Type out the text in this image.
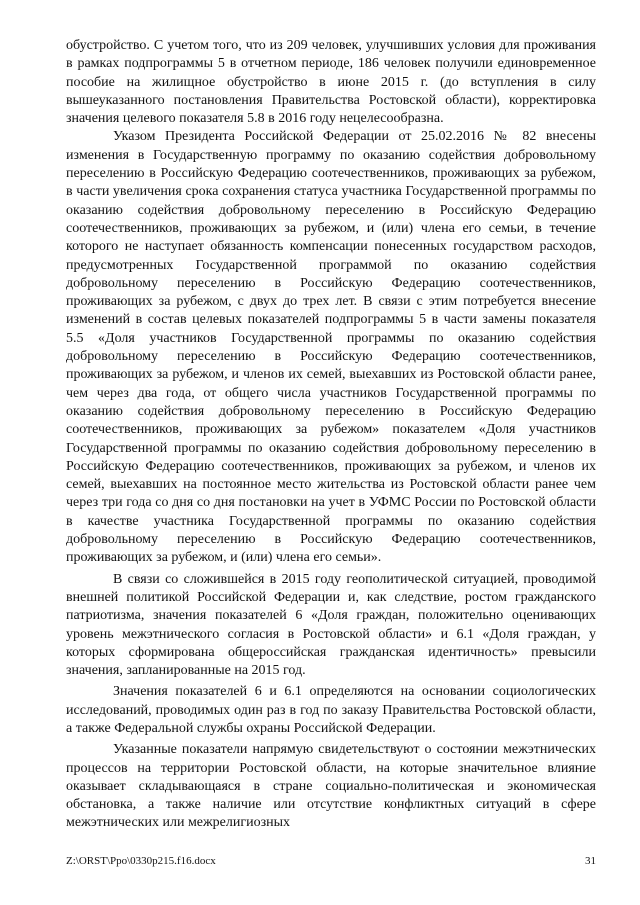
обустройство. С учетом того, что из 209 человек, улучшивших условия для проживания в рамках подпрограммы 5 в отчетном периоде, 186 человек получили единовременное пособие на жилищное обустройство в июне 2015 г. (до вступления в силу вышеуказанного постановления Правительства Ростовской области), корректировка значения целевого показателя 5.8 в 2016 году нецелесообразна.

Указом Президента Российской Федерации от 25.02.2016 № 82 внесены изменения в Государственную программу по оказанию содействия добровольному переселению в Российскую Федерацию соотечественников, проживающих за рубежом, в части увеличения срока сохранения статуса участника Государственной программы по оказанию содействия добровольному переселению в Российскую Федерацию соотечественников, проживающих за рубежом, и (или) члена его семьи, в течение которого не наступает обязанность компенсации понесенных государством расходов, предусмотренных Государственной программой по оказанию содействия добровольному переселению в Российскую Федерацию соотечественников, проживающих за рубежом, с двух до трех лет. В связи с этим потребуется внесение изменений в состав целевых показателей подпрограммы 5 в части замены показателя 5.5 «Доля участников Государственной программы по оказанию содействия добровольному переселению в Российскую Федерацию соотечественников, проживающих за рубежом, и членов их семей, выехавших из Ростовской области ранее, чем через два года, от общего числа участников Государственной программы по оказанию содействия добровольному переселению в Российскую Федерацию соотечественников, проживающих за рубежом» показателем «Доля участников Государственной программы по оказанию содействия добровольному переселению в Российскую Федерацию соотечественников, проживающих за рубежом, и членов их семей, выехавших на постоянное место жительства из Ростовской области ранее чем через три года со дня со дня постановки на учет в УФМС России по Ростовской области в качестве участника Государственной программы по оказанию содействия добровольному переселению в Российскую Федерацию соотечественников, проживающих за рубежом, и (или) члена его семьи».

В связи со сложившейся в 2015 году геополитической ситуацией, проводимой внешней политикой Российской Федерации и, как следствие, ростом гражданского патриотизма, значения показателей 6 «Доля граждан, положительно оценивающих уровень межэтнического согласия в Ростовской области» и 6.1 «Доля граждан, у которых сформирована общероссийская гражданская идентичность» превысили значения, запланированные на 2015 год.

Значения показателей 6 и 6.1 определяются на основании социологических исследований, проводимых один раз в год по заказу Правительства Ростовской области, а также Федеральной службы охраны Российской Федерации.

Указанные показатели напрямую свидетельствуют о состоянии межэтнических процессов на территории Ростовской области, на которые значительное влияние оказывает складывающаяся в стране социально-политическая и экономическая обстановка, а также наличие или отсутствие конфликтных ситуаций в сфере межэтнических или межрелигиозных

Z:\ORST\Ppo\0330p215.f16.docx	31
